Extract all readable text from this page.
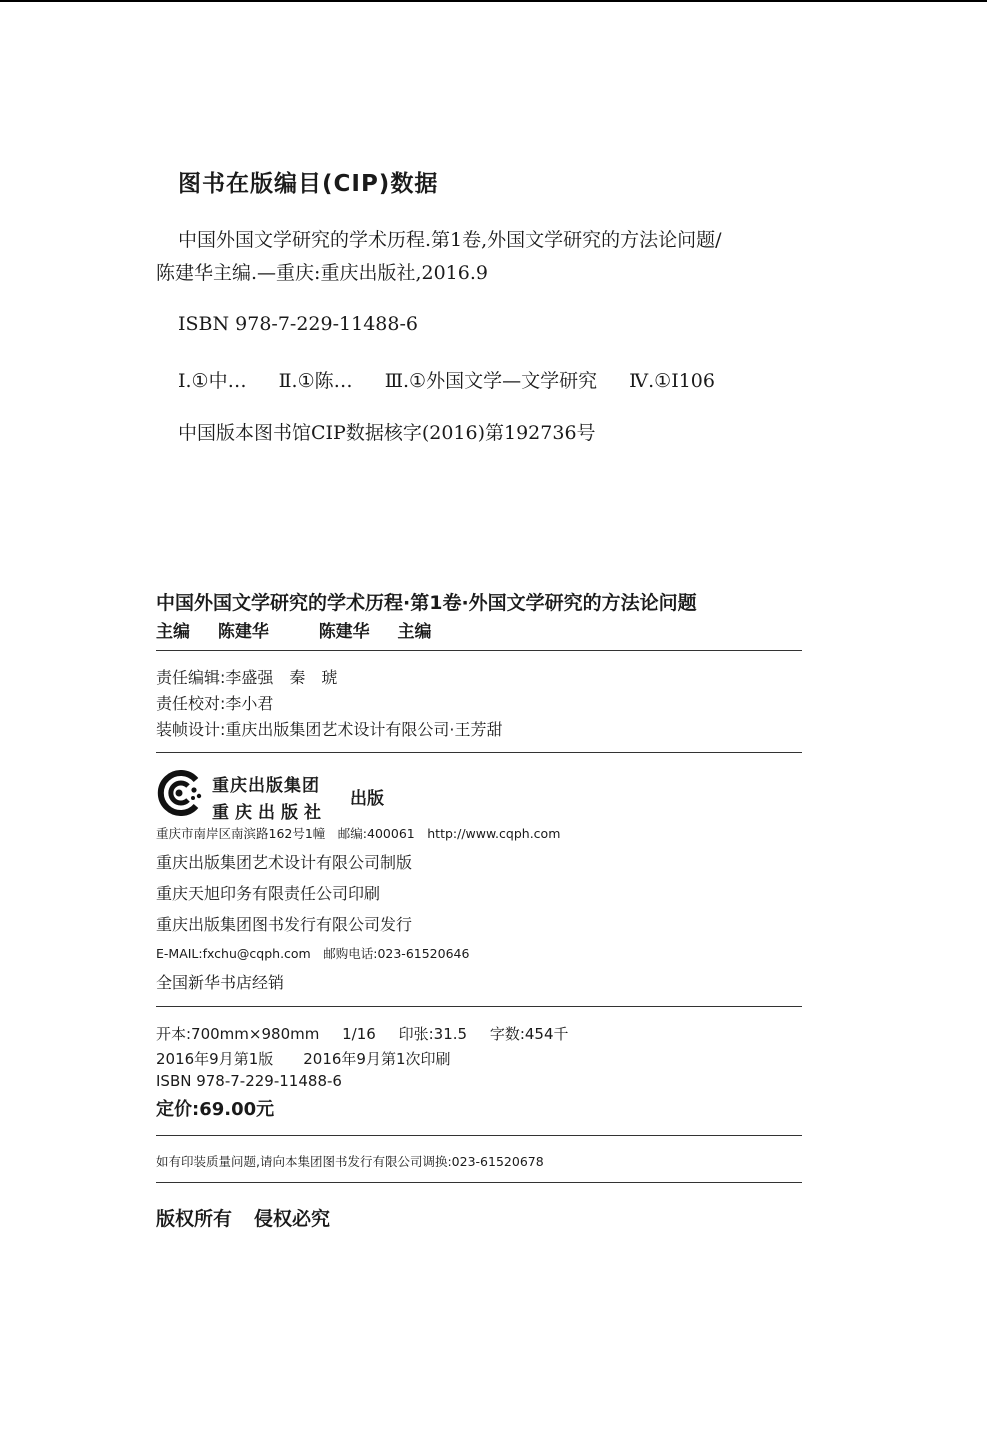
图书在版编目(CIP)数据
中国外国文学研究的学术历程.第1卷,外国文学研究的方法论问题/
陈建华主编.—重庆:重庆出版社,2016.9
ISBN 978-7-229-11488-6
Ⅰ.①中… Ⅱ.①陈… Ⅲ.①外国文学—文学研究 Ⅳ.①I106
中国版本图书馆CIP数据核字(2016)第192736号
中国外国文学研究的学术历程·第1卷·外国文学研究的方法论问题
主编 陈建华	陈建华 主编
责任编辑:李盛强　秦　琥
责任校对:李小君
装帧设计:重庆出版集团艺术设计有限公司·王芳甜
重庆出版集团
重庆出版社
出版
重庆市南岸区南滨路162号1幢　邮编:400061　http://www.cqph.com
重庆出版集团艺术设计有限公司制版
重庆天旭印务有限责任公司印刷
重庆出版集团图书发行有限公司发行
E-MAIL:fxchu@cqph.com　邮购电话:023-61520646
全国新华书店经销
开本:700mm×980mm 1/16 印张:31.5 字数:454千
2016年9月第1版　　2016年9月第1次印刷
ISBN 978-7-229-11488-6
定价:69.00元
如有印装质量问题,请向本集团图书发行有限公司调换:023-61520678
版权所有 侵权必究
